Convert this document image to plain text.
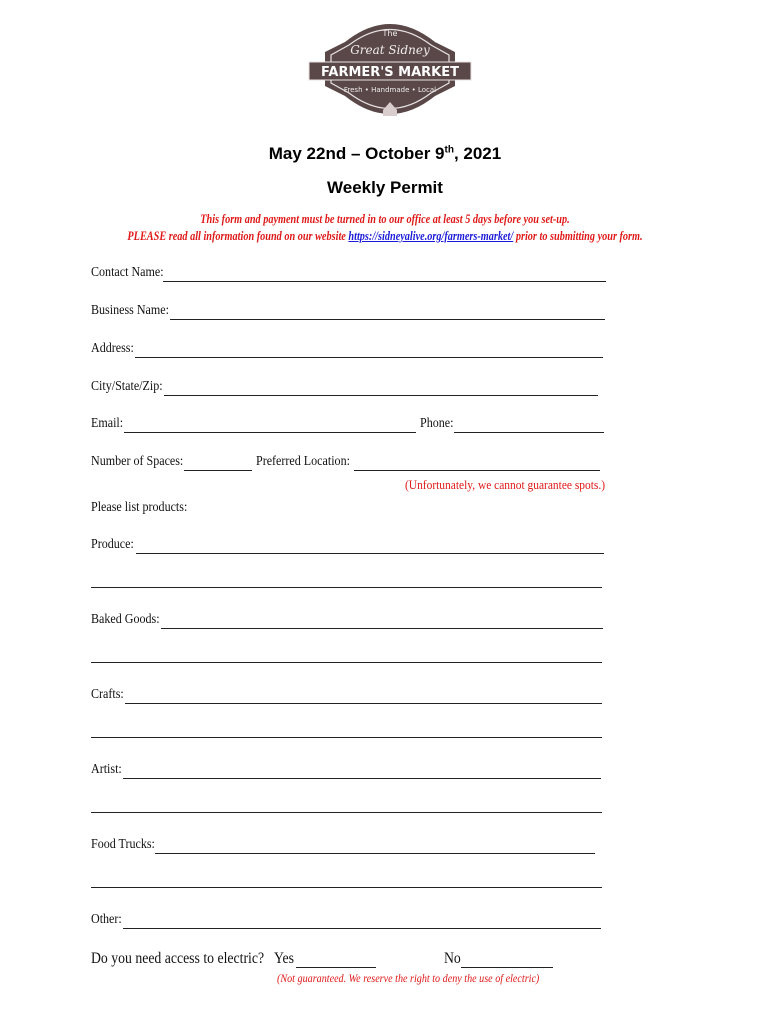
The
Great Sidney
FARMER'S MARKET
Fresh • Handmade • Local
May 22nd – October 9th, 2021
Weekly Permit
This form and payment must be turned in to our office at least 5 days before you set-up.
PLEASE read all information found on our website https://sidneyalive.org/farmers-market/ prior to submitting your form.
Contact Name:
Business Name:
Address:
City/State/Zip:
Email:	Phone:
Number of Spaces:	Preferred Location:
(Unfortunately, we cannot guarantee spots.)
Please list products:
Produce:
Baked Goods:
Crafts:
Artist:
Food Trucks:
Other:
Do you need access to electric? Yes	No
(Not guaranteed. We reserve the right to deny the use of electric)
